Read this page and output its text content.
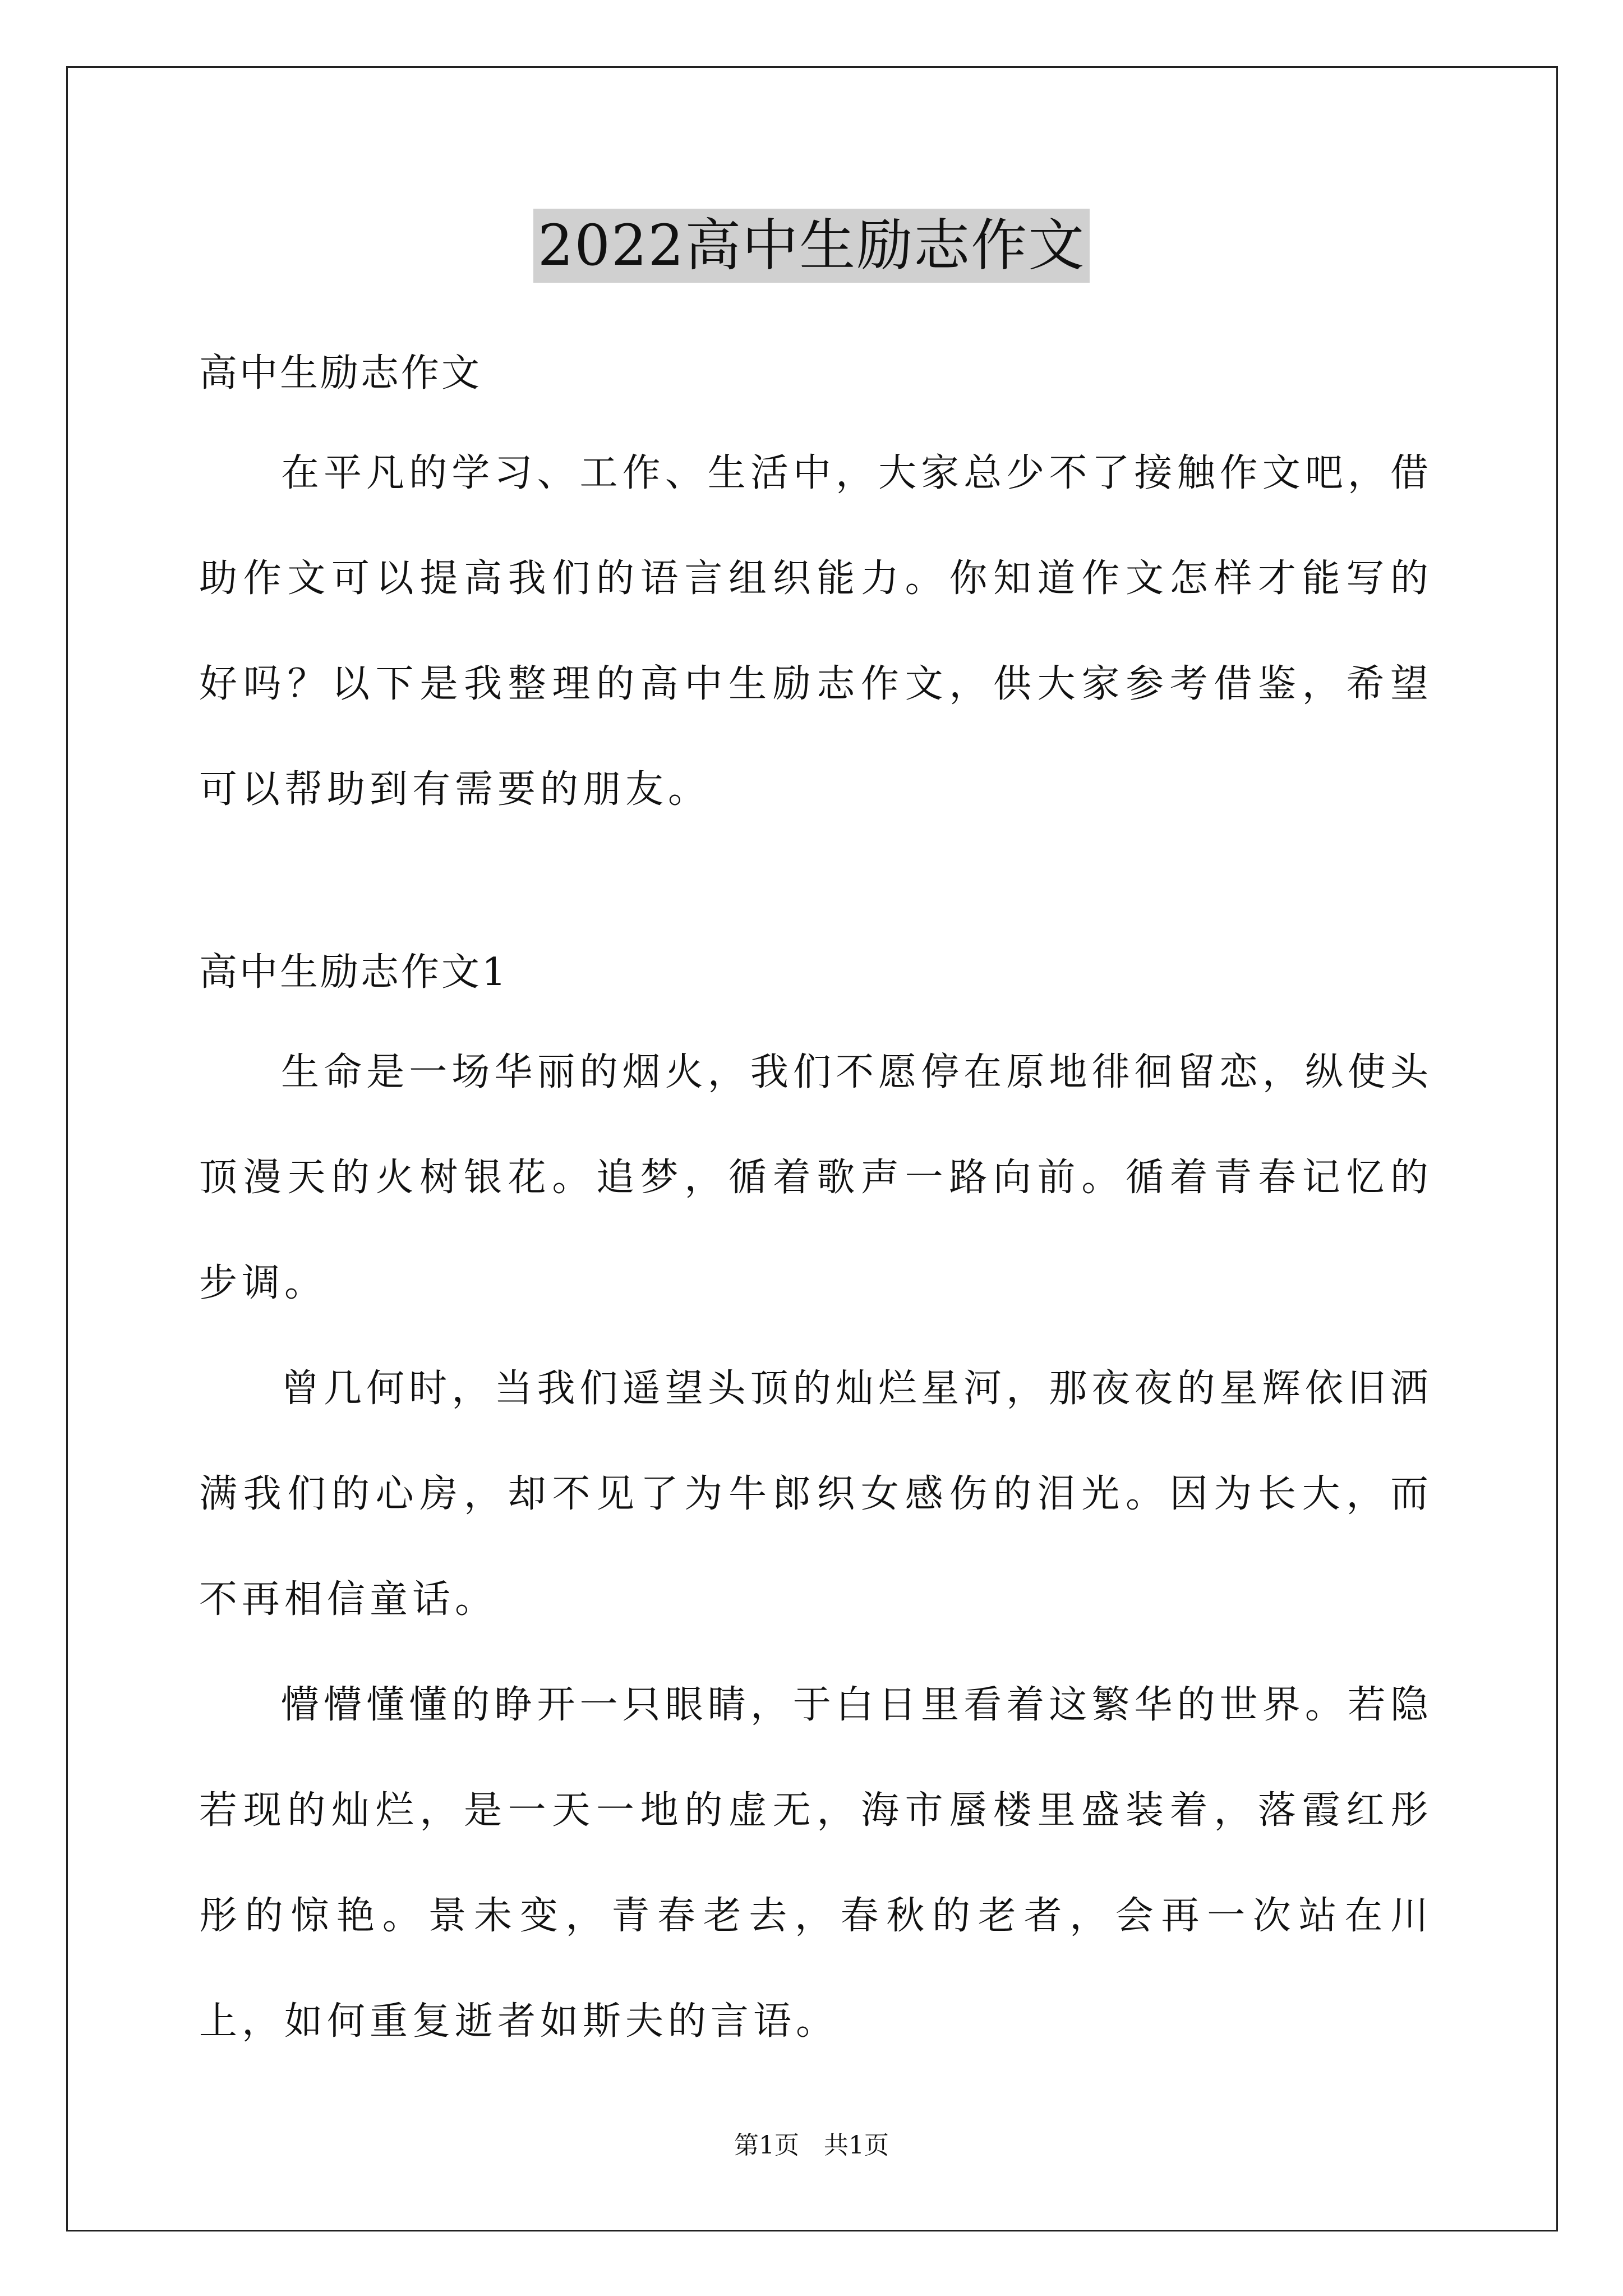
2022高中生励志作文

高中生励志作文

在平凡的学习、工作、生活中，大家总少不了接触作文吧，借助作文可以提高我们的语言组织能力。你知道作文怎样才能写的好吗？以下是我整理的高中生励志作文，供大家参考借鉴，希望可以帮助到有需要的朋友。

高中生励志作文1

生命是一场华丽的烟火，我们不愿停在原地徘徊留恋，纵使头顶漫天的火树银花。追梦，循着歌声一路向前。循着青春记忆的步调。

曾几何时，当我们遥望头顶的灿烂星河，那夜夜的星辉依旧洒满我们的心房，却不见了为牛郎织女感伤的泪光。因为长大，而不再相信童话。

懵懵懂懂的睁开一只眼睛，于白日里看着这繁华的世界。若隐若现的灿烂，是一天一地的虚无，海市蜃楼里盛装着，落霞红彤彤的惊艳。景未变，青春老去，春秋的老者，会再一次站在川上，如何重复逝者如斯夫的言语。

第1页　共1页
